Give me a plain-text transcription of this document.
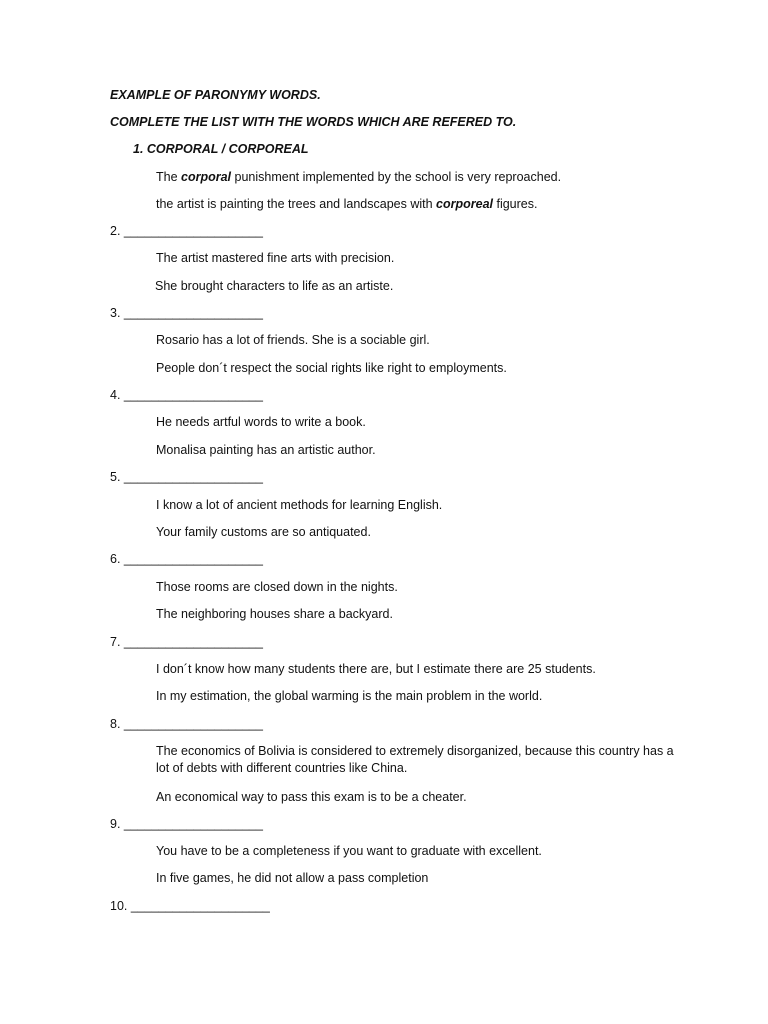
EXAMPLE OF PARONYMY WORDS.
COMPLETE THE LIST WITH THE WORDS WHICH ARE REFERED TO.
1. CORPORAL / CORPOREAL
The corporal punishment implemented by the school is very reproached.
the artist is painting the trees and landscapes with corporeal figures.
2. ____________________
The artist mastered fine arts with precision.
She brought characters to life as an artiste.
3. ____________________
Rosario has a lot of friends. She is a sociable girl.
People don´t respect the social rights like right to employments.
4. ____________________
He needs artful words to write a book.
Monalisa painting has an artistic author.
5. ____________________
I know a lot of ancient methods for learning English.
Your family customs are so antiquated.
6. ____________________
Those rooms are closed down in the nights.
The neighboring houses share a backyard.
7. ____________________
I don´t know how many students there are, but I estimate there are 25 students.
In my estimation, the global warming is the main problem in the world.
8. ____________________
The economics of Bolivia is considered to extremely disorganized, because this country has a lot of debts with different countries like China.
An economical way to pass this exam is to be a cheater.
9. ____________________
You have to be a completeness if you want to graduate with excellent.
In five games, he did not allow a pass completion
10. ____________________
